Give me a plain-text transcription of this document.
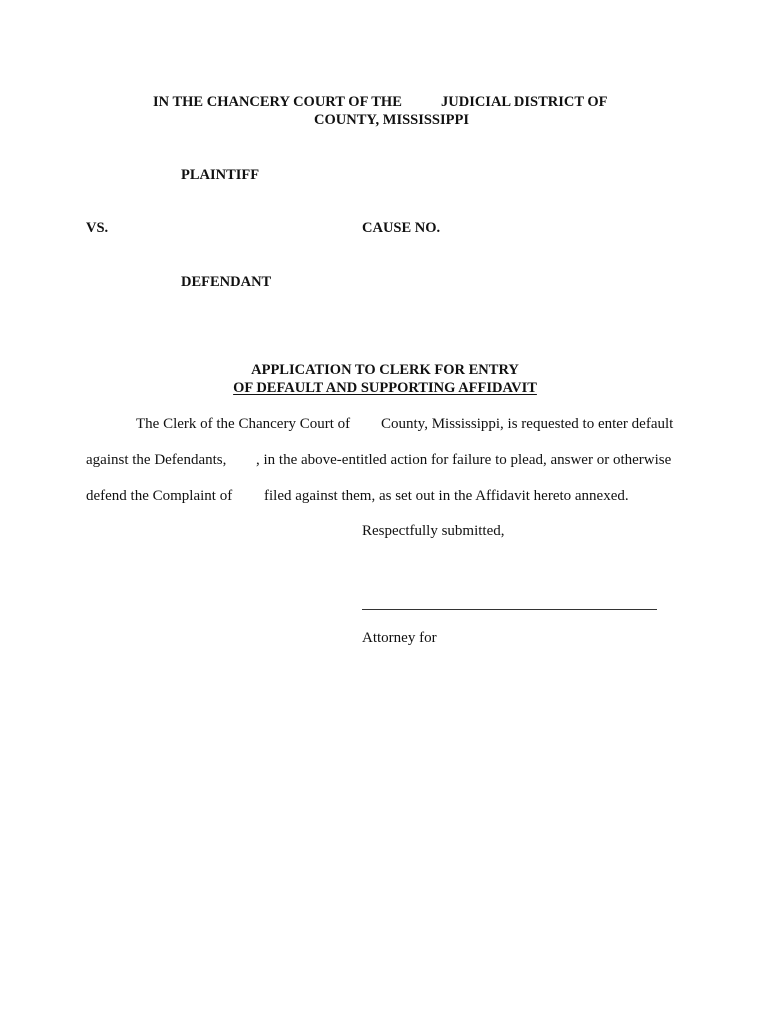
IN THE CHANCERY COURT OF THE	JUDICIAL DISTRICT OF
COUNTY, MISSISSIPPI
PLAINTIFF
VS.	CAUSE NO.
DEFENDANT
APPLICATION TO CLERK FOR ENTRY
OF DEFAULT AND SUPPORTING AFFIDAVIT
The Clerk of the Chancery Court of County, Mississippi, is requested to enter default
against the Defendants, , in the above-entitled action for failure to plead, answer or otherwise
defend the Complaint of filed against them, as set out in the Affidavit hereto annexed.
Respectfully submitted,
Attorney for
